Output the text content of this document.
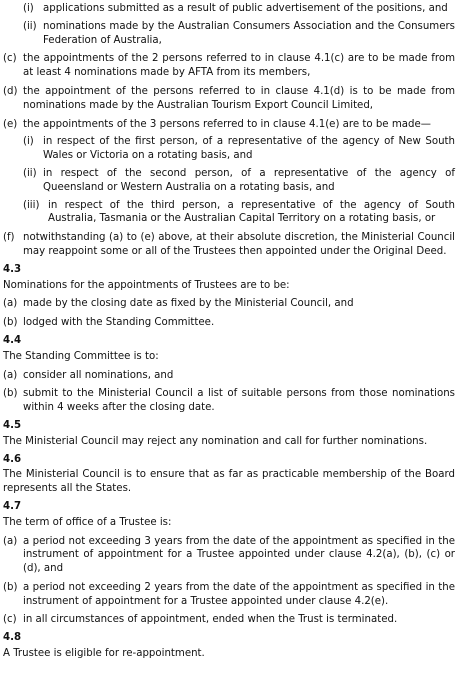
(i) applications submitted as a result of public advertisement of the positions, and
(ii) nominations made by the Australian Consumers Association and the Consumers Federation of Australia,
(c) the appointments of the 2 persons referred to in clause 4.1(c) are to be made from at least 4 nominations made by AFTA from its members,
(d) the appointment of the persons referred to in clause 4.1(d) is to be made from nominations made by the Australian Tourism Export Council Limited,
(e) the appointments of the 3 persons referred to in clause 4.1(e) are to be made—
(i) in respect of the first person, of a representative of the agency of New South Wales or Victoria on a rotating basis, and
(ii) in respect of the second person, of a representative of the agency of Queensland or Western Australia on a rotating basis, and
(iii) in respect of the third person, a representative of the agency of South Australia, Tasmania or the Australian Capital Territory on a rotating basis, or
(f) notwithstanding (a) to (e) above, at their absolute discretion, the Ministerial Council may reappoint some or all of the Trustees then appointed under the Original Deed.
4.3
Nominations for the appointments of Trustees are to be:
(a) made by the closing date as fixed by the Ministerial Council, and
(b) lodged with the Standing Committee.
4.4
The Standing Committee is to:
(a) consider all nominations, and
(b) submit to the Ministerial Council a list of suitable persons from those nominations within 4 weeks after the closing date.
4.5
The Ministerial Council may reject any nomination and call for further nominations.
4.6
The Ministerial Council is to ensure that as far as practicable membership of the Board represents all the States.
4.7
The term of office of a Trustee is:
(a) a period not exceeding 3 years from the date of the appointment as specified in the instrument of appointment for a Trustee appointed under clause 4.2(a), (b), (c) or (d), and
(b) a period not exceeding 2 years from the date of the appointment as specified in the instrument of appointment for a Trustee appointed under clause 4.2(e).
(c) in all circumstances of appointment, ended when the Trust is terminated.
4.8
A Trustee is eligible for re-appointment.
